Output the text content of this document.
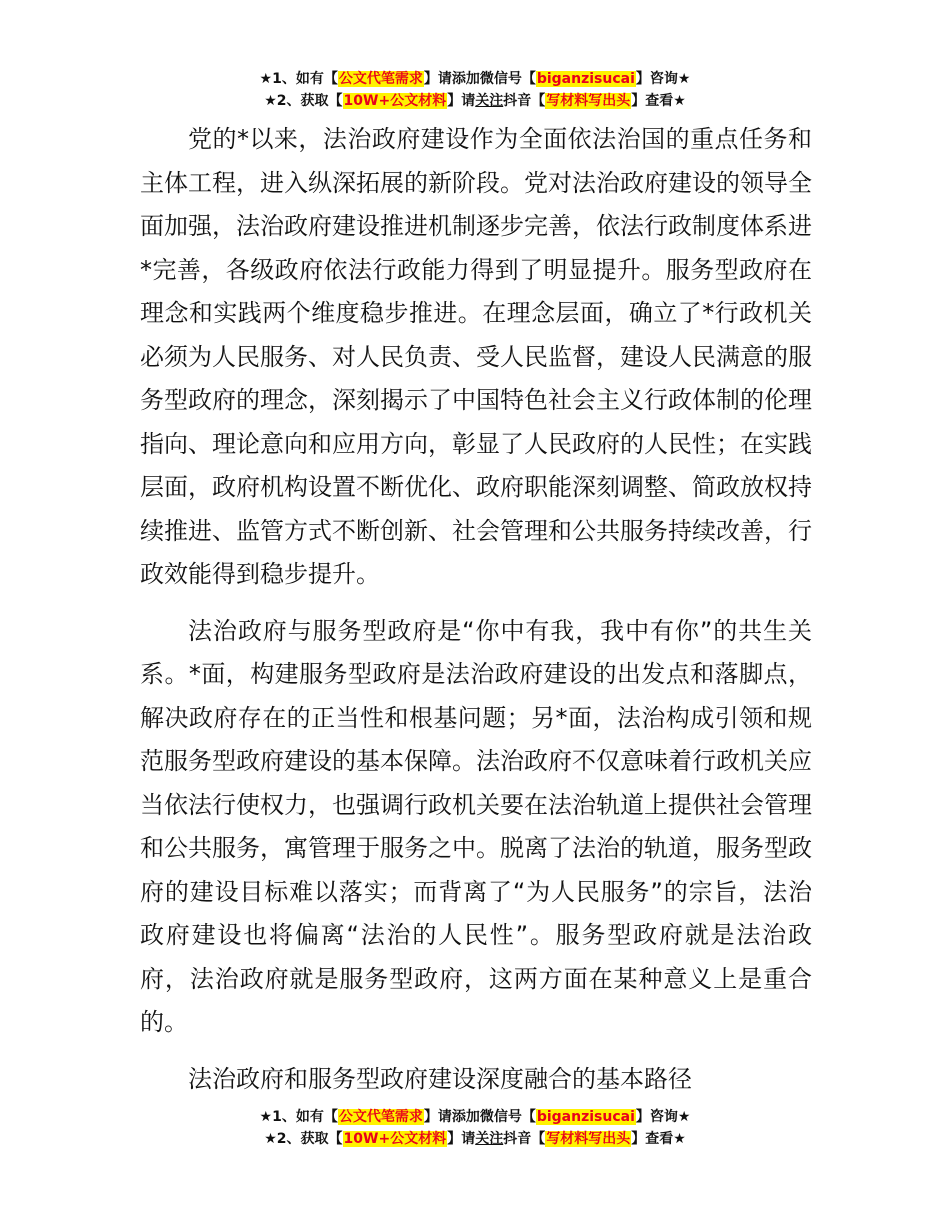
★1、如有【公文代笔需求】请添加微信号【biganzisucai】咨询★
★2、获取【10W+公文材料】请关注抖音【写材料写出头】查看★

党的*以来，法治政府建设作为全面依法治国的重点任务和主体工程，进入纵深拓展的新阶段。党对法治政府建设的领导全面加强，法治政府建设推进机制逐步完善，依法行政制度体系进*完善，各级政府依法行政能力得到了明显提升。服务型政府在理念和实践两个维度稳步推进。在理念层面，确立了*行政机关必须为人民服务、对人民负责、受人民监督，建设人民满意的服务型政府的理念，深刻揭示了中国特色社会主义行政体制的伦理指向、理论意向和应用方向，彰显了人民政府的人民性；在实践层面，政府机构设置不断优化、政府职能深刻调整、简政放权持续推进、监管方式不断创新、社会管理和公共服务持续改善，行政效能得到稳步提升。

法治政府与服务型政府是“你中有我，我中有你”的共生关系。*面，构建服务型政府是法治政府建设的出发点和落脚点，解决政府存在的正当性和根基问题；另*面，法治构成引领和规范服务型政府建设的基本保障。法治政府不仅意味着行政机关应当依法行使权力，也强调行政机关要在法治轨道上提供社会管理和公共服务，寓管理于服务之中。脱离了法治的轨道，服务型政府的建设目标难以落实；而背离了“为人民服务”的宗旨，法治政府建设也将偏离“法治的人民性”。服务型政府就是法治政府，法治政府就是服务型政府，这两方面在某种意义上是重合的。

法治政府和服务型政府建设深度融合的基本路径

★1、如有【公文代笔需求】请添加微信号【biganzisucai】咨询★
★2、获取【10W+公文材料】请关注抖音【写材料写出头】查看★
